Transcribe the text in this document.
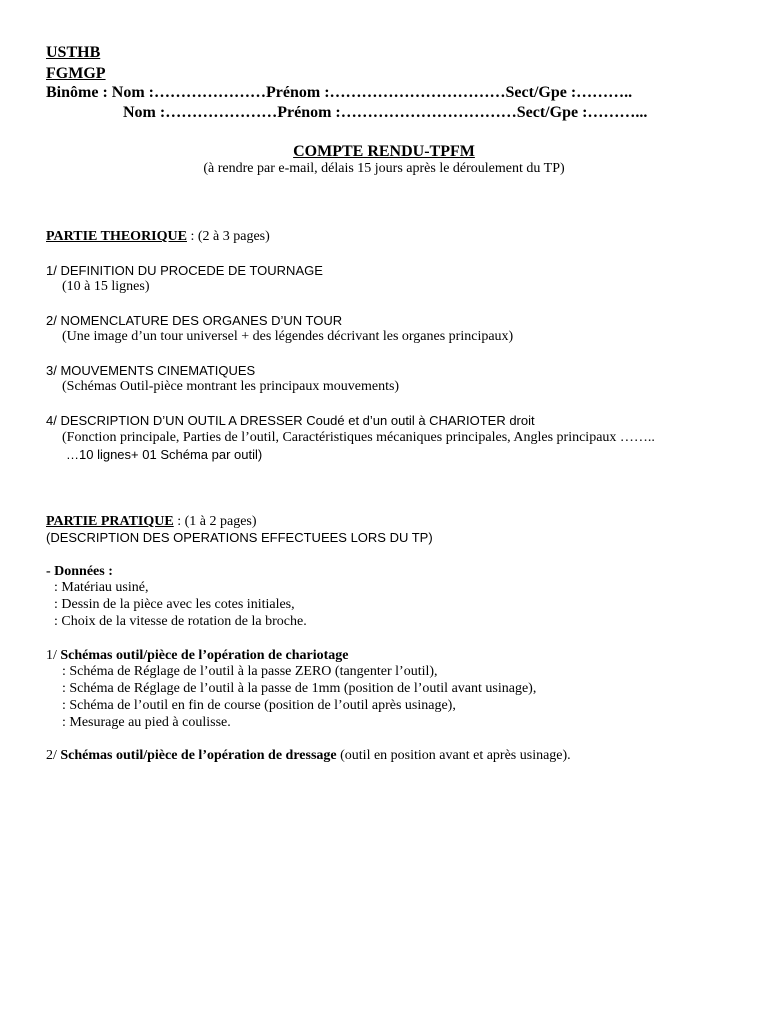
USTHB
FGMGP
Binôme : Nom :…………………Prénom :……………………………Sect/Gpe :………..
Nom :…………………Prénom :……………………………Sect/Gpe :………...
COMPTE RENDU-TPFM
(à rendre par e-mail, délais 15 jours après le déroulement du TP)
PARTIE THEORIQUE : (2 à 3 pages)
1/ DEFINITION DU PROCEDE DE TOURNAGE
(10 à 15 lignes)
2/ NOMENCLATURE DES ORGANES D’UN TOUR
(Une image d’un tour universel + des légendes décrivant les organes principaux)
3/ MOUVEMENTS CINEMATIQUES
(Schémas Outil-pièce montrant les principaux mouvements)
4/ DESCRIPTION D’UN OUTIL A DRESSER Coudé et d’un outil à CHARIOTER droit
(Fonction principale, Parties de l’outil, Caractéristiques mécaniques principales, Angles principaux ……..
…10 lignes+ 01 Schéma par outil)
PARTIE PRATIQUE : (1 à 2 pages)
(DESCRIPTION DES OPERATIONS EFFECTUEES LORS DU TP)
- Données :
: Matériau usiné,
: Dessin de la pièce avec les cotes initiales,
: Choix de la vitesse de rotation de la broche.
1/ Schémas outil/pièce de l’opération de chariotage
: Schéma de Réglage de l’outil à la passe ZERO (tangenter l’outil),
: Schéma de Réglage de l’outil à la passe de 1mm (position de l’outil avant usinage),
: Schéma de l’outil en fin de course (position de l’outil après usinage),
: Mesurage au pied à coulisse.
2/ Schémas outil/pièce de l’opération de dressage (outil en position avant et après usinage).
